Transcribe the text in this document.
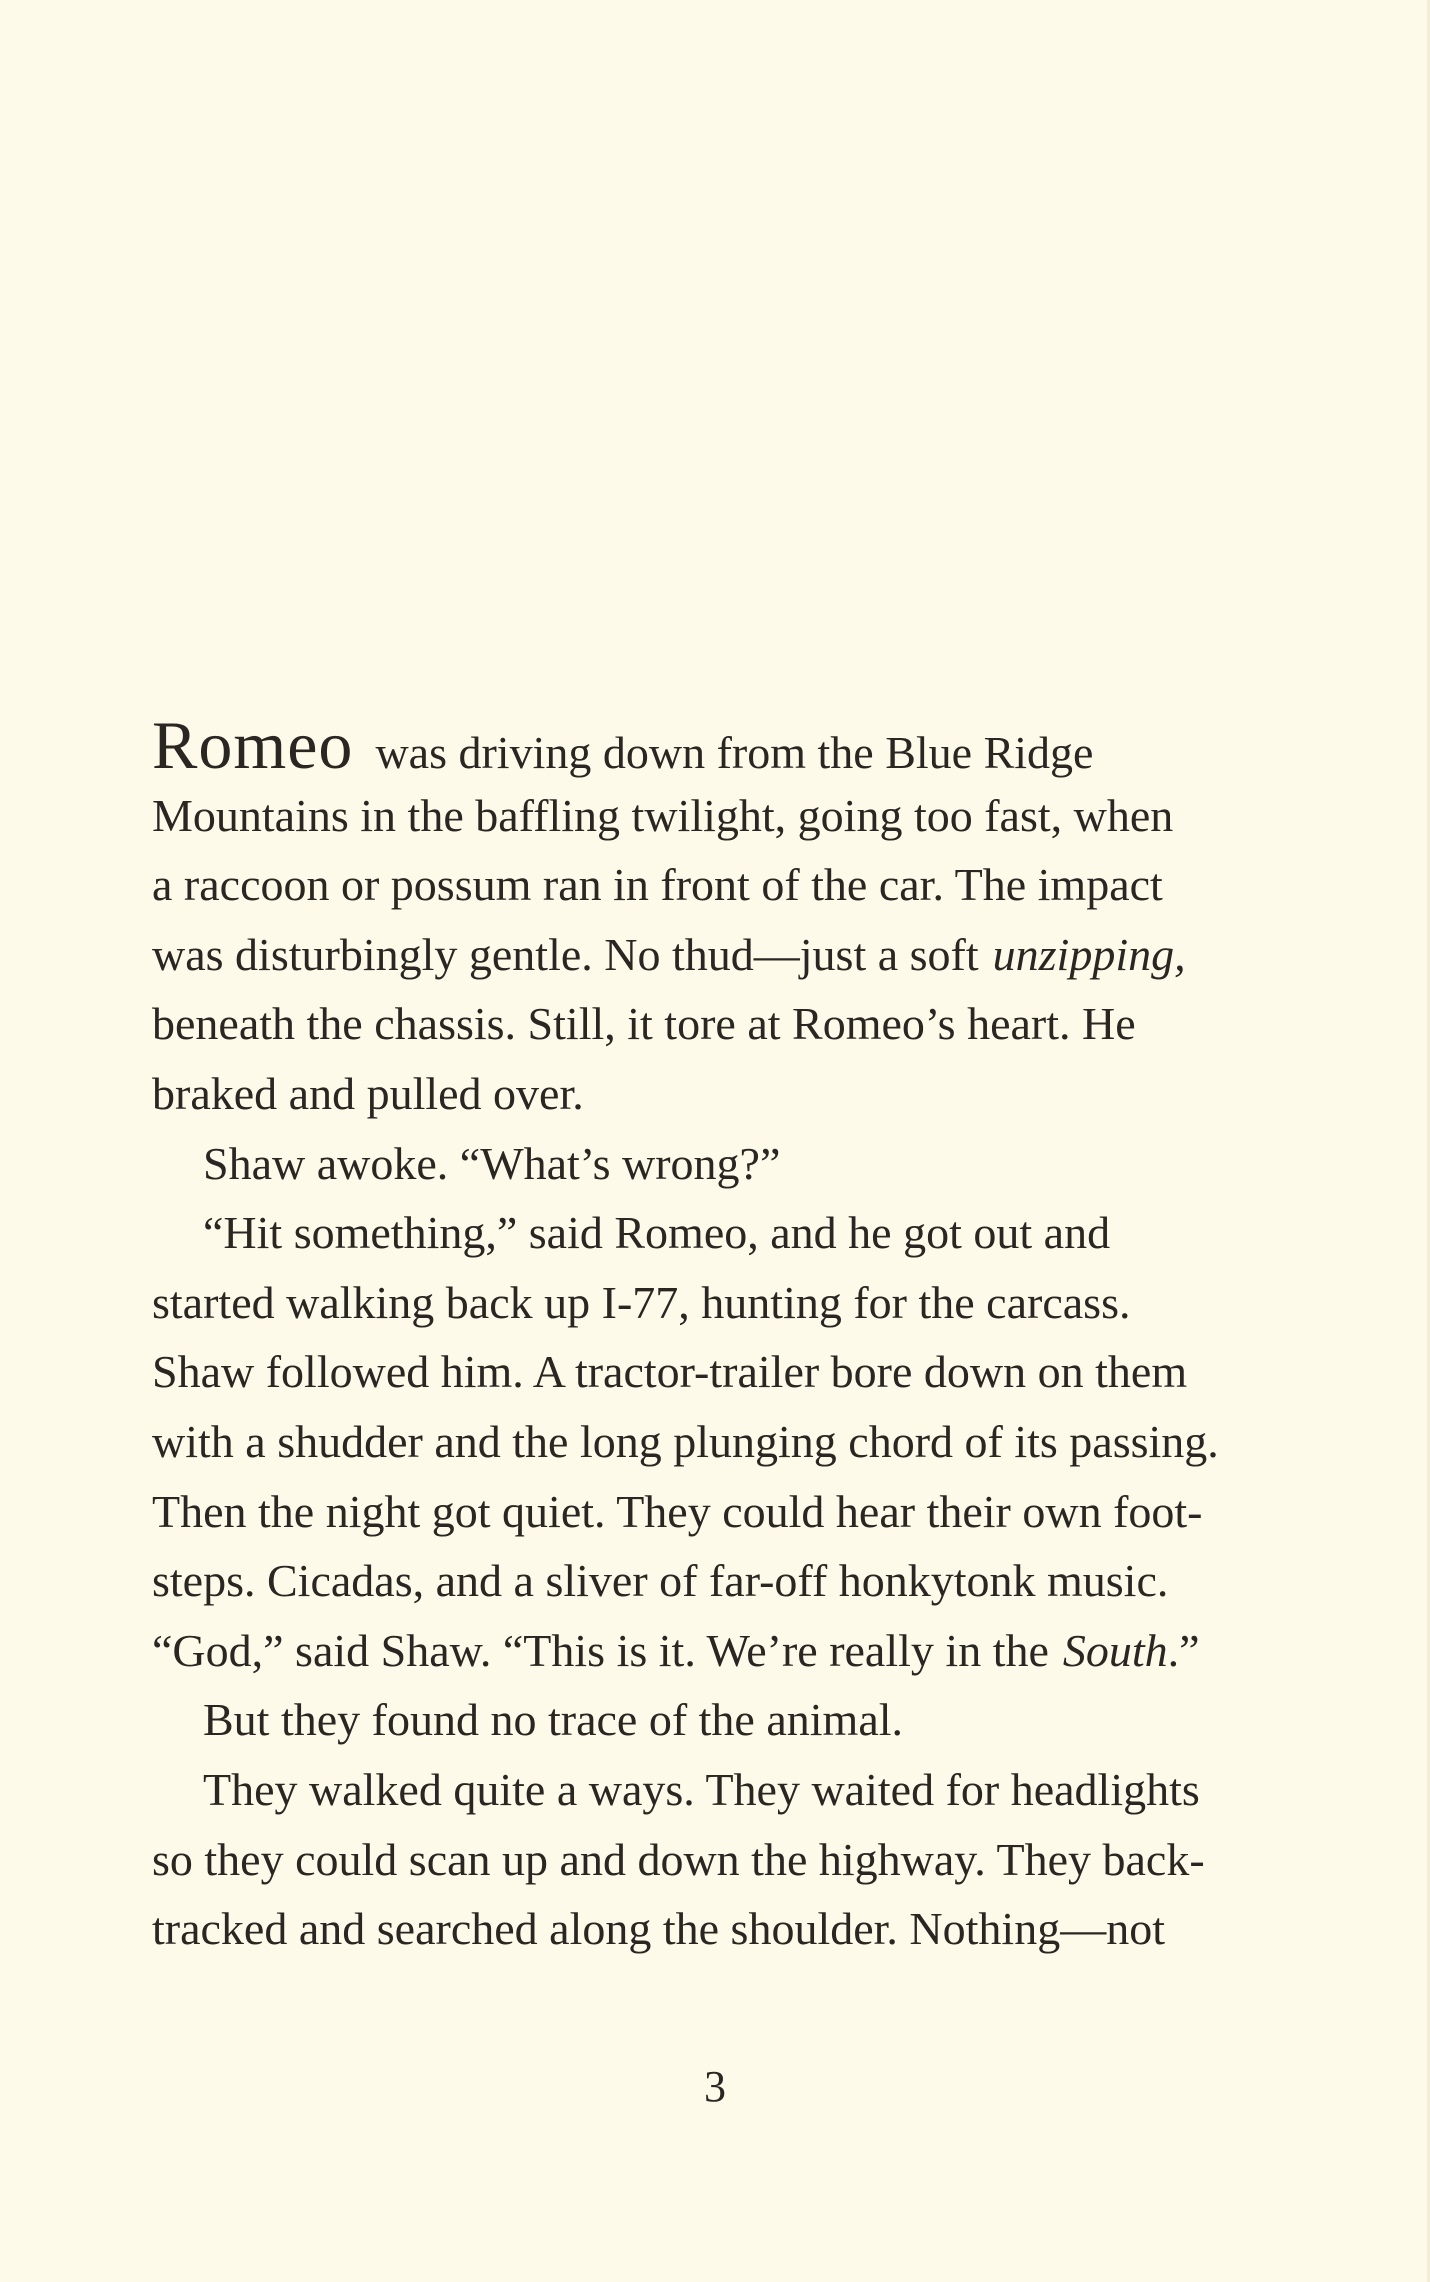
Romeo was driving down from the Blue Ridge
Mountains in the baffling twilight, going too fast, when
a raccoon or possum ran in front of the car. The impact
was disturbingly gentle. No thud—just a soft unzipping,
beneath the chassis. Still, it tore at Romeo’s heart. He
braked and pulled over.
Shaw awoke. “What’s wrong?”
“Hit something,” said Romeo, and he got out and
started walking back up I-77, hunting for the carcass.
Shaw followed him. A tractor-trailer bore down on them
with a shudder and the long plunging chord of its passing.
Then the night got quiet. They could hear their own foot-
steps. Cicadas, and a sliver of far-off honkytonk music.
“God,” said Shaw. “This is it. We’re really in the South.”
But they found no trace of the animal.
They walked quite a ways. They waited for headlights
so they could scan up and down the highway. They back-
tracked and searched along the shoulder. Nothing—not
3
